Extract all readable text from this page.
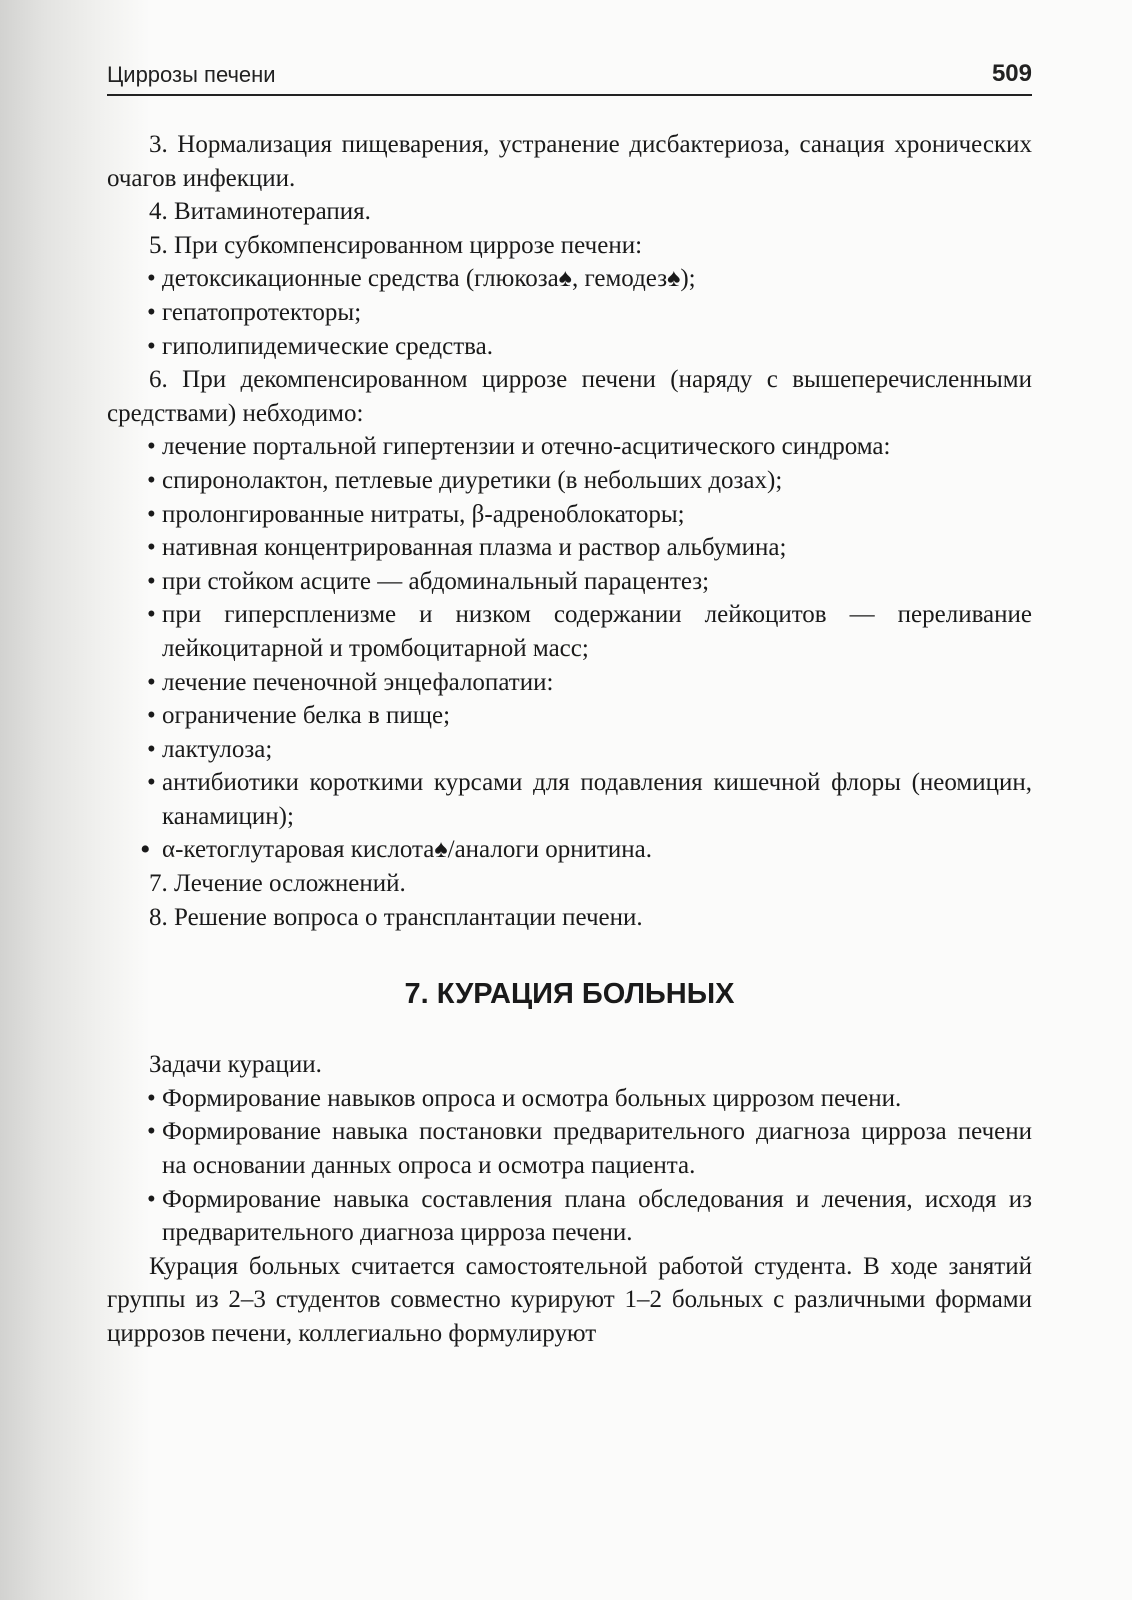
Циррозы печени	509

3. Нормализация пищеварения, устранение дисбактериоза, санация хронических очагов инфекции.

4. Витаминотерапия.

5. При субкомпенсированном циррозе печени:

• детоксикационные средства (глюкоза♠, гемодез♠);

• гепатопротекторы;

• гиполипидемические средства.

6. При декомпенсированном циррозе печени (наряду с вышеперечисленными средствами) небходимо:

• лечение портальной гипертензии и отечно-асцитического синдрома:

• спиронолактон, петлевые диуретики (в небольших дозах);

• пролонгированные нитраты, β-адреноблокаторы;

• нативная концентрированная плазма и раствор альбумина;

• при стойком асците — абдоминальный парацентез;

• при гиперспленизме и низком содержании лейкоцитов — переливание лейкоцитарной и тромбоцитарной масс;

• лечение печеночной энцефалопатии:

• ограничение белка в пище;

• лактулоза;

• антибиотики короткими курсами для подавления кишечной флоры (неомицин, канамицин);

• α-кетоглутаровая кислота♠/аналоги орнитина.

7. Лечение осложнений.

8. Решение вопроса о трансплантации печени.

7. КУРАЦИЯ БОЛЬНЫХ

Задачи курации.

• Формирование навыков опроса и осмотра больных циррозом печени.

• Формирование навыка постановки предварительного диагноза цирроза печени на основании данных опроса и осмотра пациента.

• Формирование навыка составления плана обследования и лечения, исходя из предварительного диагноза цирроза печени.

Курация больных считается самостоятельной работой студента. В ходе занятий группы из 2–3 студентов совместно курируют 1–2 больных с различными формами циррозов печени, коллегиально формулируют
